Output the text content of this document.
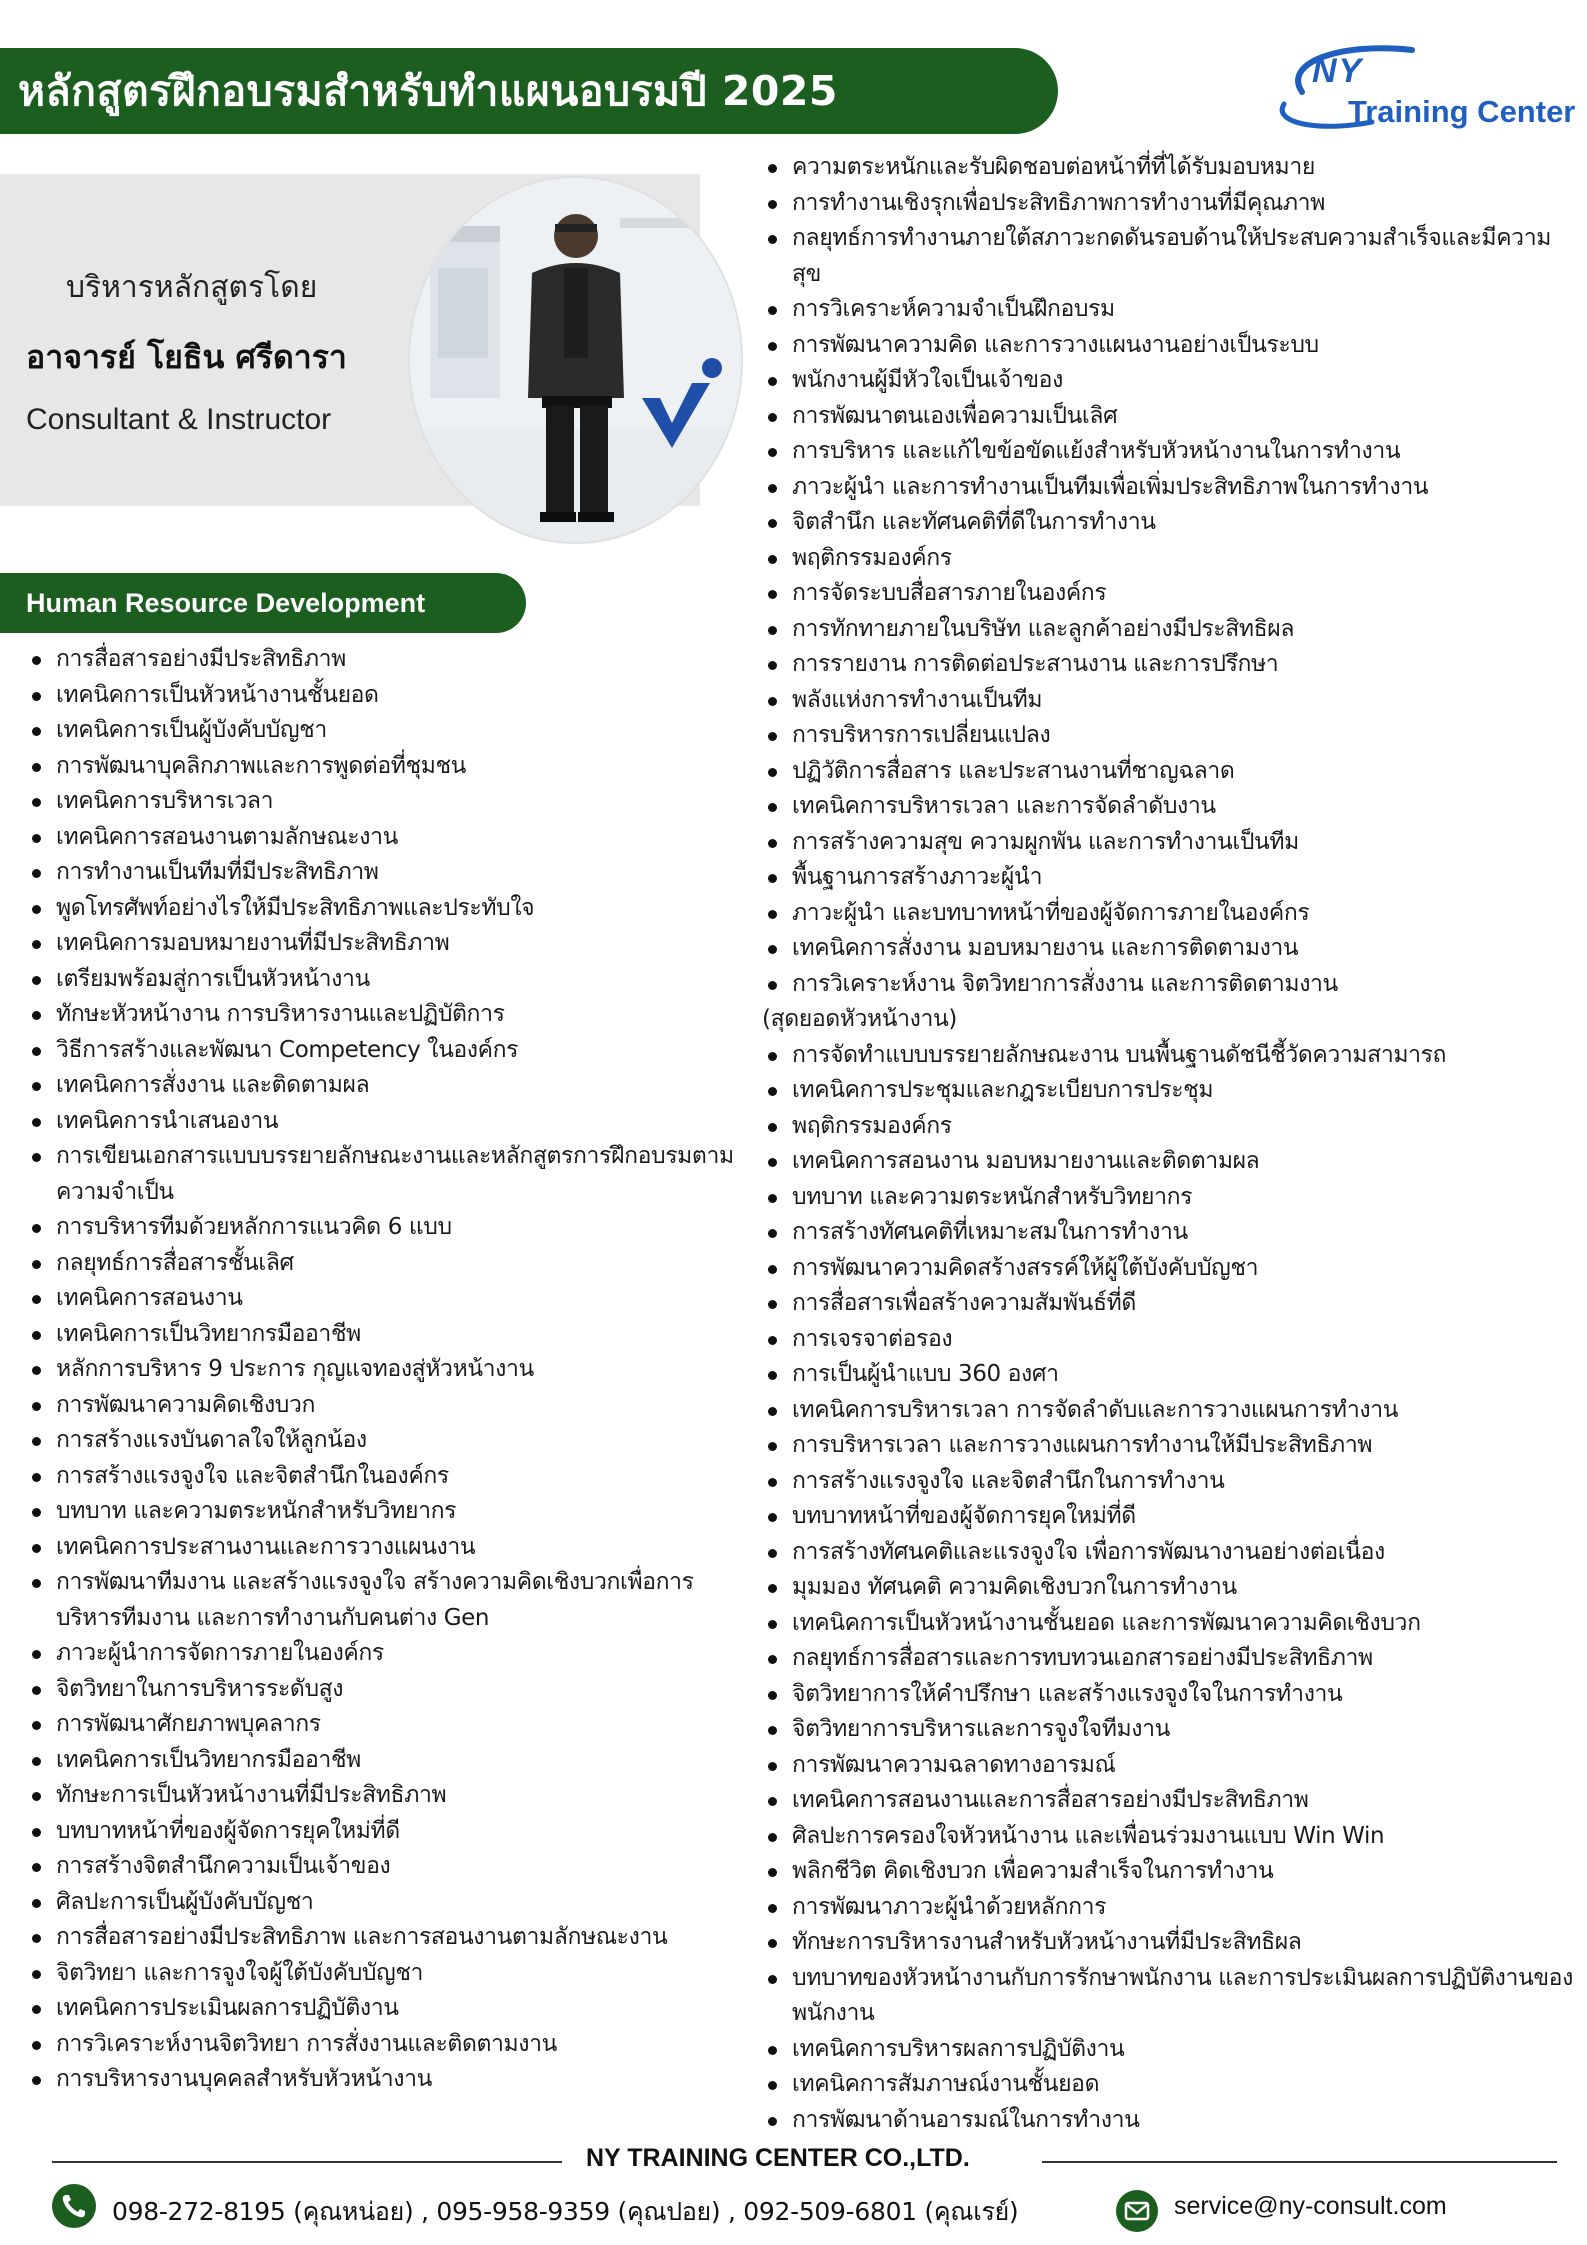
หลักสูตรฝึกอบรมสำหรับทำแผนอบรมปี 2025	NY
Training Center
บริหารหลักสูตรโดย
อาจารย์ โยธิน ศรีดารา
Consultant & Instructor
Human Resource Development
การสื่อสารอย่างมีประสิทธิภาพ
เทคนิคการเป็นหัวหน้างานชั้นยอด
เทคนิคการเป็นผู้บังคับบัญชา
การพัฒนาบุคลิกภาพและการพูดต่อที่ชุมชน
เทคนิคการบริหารเวลา
เทคนิคการสอนงานตามลักษณะงาน
การทำงานเป็นทีมที่มีประสิทธิภาพ
พูดโทรศัพท์อย่างไรให้มีประสิทธิภาพและประทับใจ
เทคนิคการมอบหมายงานที่มีประสิทธิภาพ
เตรียมพร้อมสู่การเป็นหัวหน้างาน
ทักษะหัวหน้างาน การบริหารงานและปฏิบัติการ
วิธีการสร้างและพัฒนา Competency ในองค์กร
เทคนิคการสั่งงาน และติดตามผล
เทคนิคการนำเสนองาน
การเขียนเอกสารแบบบรรยายลักษณะงานและหลักสูตรการฝึกอบรมตามความจำเป็น
การบริหารทีมด้วยหลักการแนวคิด 6 แบบ
กลยุทธ์การสื่อสารชั้นเลิศ
เทคนิคการสอนงาน
เทคนิคการเป็นวิทยากรมืออาชีพ
หลักการบริหาร 9 ประการ กุญแจทองสู่หัวหน้างาน
การพัฒนาความคิดเชิงบวก
การสร้างแรงบันดาลใจให้ลูกน้อง
การสร้างแรงจูงใจ และจิตสำนึกในองค์กร
บทบาท และความตระหนักสำหรับวิทยากร
เทคนิคการประสานงานและการวางแผนงาน
การพัฒนาทีมงาน และสร้างแรงจูงใจ สร้างความคิดเชิงบวกเพื่อการบริหารทีมงาน และการทำงานกับคนต่าง Gen
ภาวะผู้นำการจัดการภายในองค์กร
จิตวิทยาในการบริหารระดับสูง
การพัฒนาศักยภาพบุคลากร
เทคนิคการเป็นวิทยากรมืออาชีพ
ทักษะการเป็นหัวหน้างานที่มีประสิทธิภาพ
บทบาทหน้าที่ของผู้จัดการยุคใหม่ที่ดี
การสร้างจิตสำนึกความเป็นเจ้าของ
ศิลปะการเป็นผู้บังคับบัญชา
การสื่อสารอย่างมีประสิทธิภาพ และการสอนงานตามลักษณะงาน
จิตวิทยา และการจูงใจผู้ใต้บังคับบัญชา
เทคนิคการประเมินผลการปฏิบัติงาน
การวิเคราะห์งานจิตวิทยา การสั่งงานและติดตามงาน
การบริหารงานบุคคลสำหรับหัวหน้างาน
ความตระหนักและรับผิดชอบต่อหน้าที่ที่ได้รับมอบหมาย
การทำงานเชิงรุกเพื่อประสิทธิภาพการทำงานที่มีคุณภาพ
กลยุทธ์การทำงานภายใต้สภาวะกดดันรอบด้านให้ประสบความสำเร็จและมีความสุข
การวิเคราะห์ความจำเป็นฝึกอบรม
การพัฒนาความคิด และการวางแผนงานอย่างเป็นระบบ
พนักงานผู้มีหัวใจเป็นเจ้าของ
การพัฒนาตนเองเพื่อความเป็นเลิศ
การบริหาร และแก้ไขข้อขัดแย้งสำหรับหัวหน้างานในการทำงาน
ภาวะผู้นำ และการทำงานเป็นทีมเพื่อเพิ่มประสิทธิภาพในการทำงาน
จิตสำนึก และทัศนคติที่ดีในการทำงาน
พฤติกรรมองค์กร
การจัดระบบสื่อสารภายในองค์กร
การทักทายภายในบริษัท และลูกค้าอย่างมีประสิทธิผล
การรายงาน การติดต่อประสานงาน และการปรึกษา
พลังแห่งการทำงานเป็นทีม
การบริหารการเปลี่ยนแปลง
ปฏิวัติการสื่อสาร และประสานงานที่ชาญฉลาด
เทคนิคการบริหารเวลา และการจัดลำดับงาน
การสร้างความสุข ความผูกพัน และการทำงานเป็นทีม
พื้นฐานการสร้างภาวะผู้นำ
ภาวะผู้นำ และบทบาทหน้าที่ของผู้จัดการภายในองค์กร
เทคนิคการสั่งงาน มอบหมายงาน และการติดตามงาน
การวิเคราะห์งาน จิตวิทยาการสั่งงาน และการติดตามงาน
(สุดยอดหัวหน้างาน)
การจัดทำแบบบรรยายลักษณะงาน บนพื้นฐานดัชนีชี้วัดความสามารถ
เทคนิคการประชุมและกฎระเบียบการประชุม
พฤติกรรมองค์กร
เทคนิคการสอนงาน มอบหมายงานและติดตามผล
บทบาท และความตระหนักสำหรับวิทยากร
การสร้างทัศนคติที่เหมาะสมในการทำงาน
การพัฒนาความคิดสร้างสรรค์ให้ผู้ใต้บังคับบัญชา
การสื่อสารเพื่อสร้างความสัมพันธ์ที่ดี
การเจรจาต่อรอง
การเป็นผู้นำแบบ 360 องศา
เทคนิคการบริหารเวลา การจัดลำดับและการวางแผนการทำงาน
การบริหารเวลา และการวางแผนการทำงานให้มีประสิทธิภาพ
การสร้างแรงจูงใจ และจิตสำนึกในการทำงาน
บทบาทหน้าที่ของผู้จัดการยุคใหม่ที่ดี
การสร้างทัศนคติและแรงจูงใจ เพื่อการพัฒนางานอย่างต่อเนื่อง
มุมมอง ทัศนคติ ความคิดเชิงบวกในการทำงาน
เทคนิคการเป็นหัวหน้างานชั้นยอด และการพัฒนาความคิดเชิงบวก
กลยุทธ์การสื่อสารและการทบทวนเอกสารอย่างมีประสิทธิภาพ
จิตวิทยาการให้คำปรึกษา และสร้างแรงจูงใจในการทำงาน
จิตวิทยาการบริหารและการจูงใจทีมงาน
การพัฒนาความฉลาดทางอารมณ์
เทคนิคการสอนงานและการสื่อสารอย่างมีประสิทธิภาพ
ศิลปะการครองใจหัวหน้างาน และเพื่อนร่วมงานแบบ Win Win
พลิกชีวิต คิดเชิงบวก เพื่อความสำเร็จในการทำงาน
การพัฒนาภาวะผู้นำด้วยหลักการ
ทักษะการบริหารงานสำหรับหัวหน้างานที่มีประสิทธิผล
บทบาทของหัวหน้างานกับการรักษาพนักงาน และการประเมินผลการปฏิบัติงานของพนักงาน
เทคนิคการบริหารผลการปฏิบัติงาน
เทคนิคการสัมภาษณ์งานชั้นยอด
การพัฒนาด้านอารมณ์ในการทำงาน
NY TRAINING CENTER CO.,LTD.
098-272-8195 (คุณหน่อย) , 095-958-9359 (คุณปอย) , 092-509-6801 (คุณเรย์)	service@ny-consult.com
